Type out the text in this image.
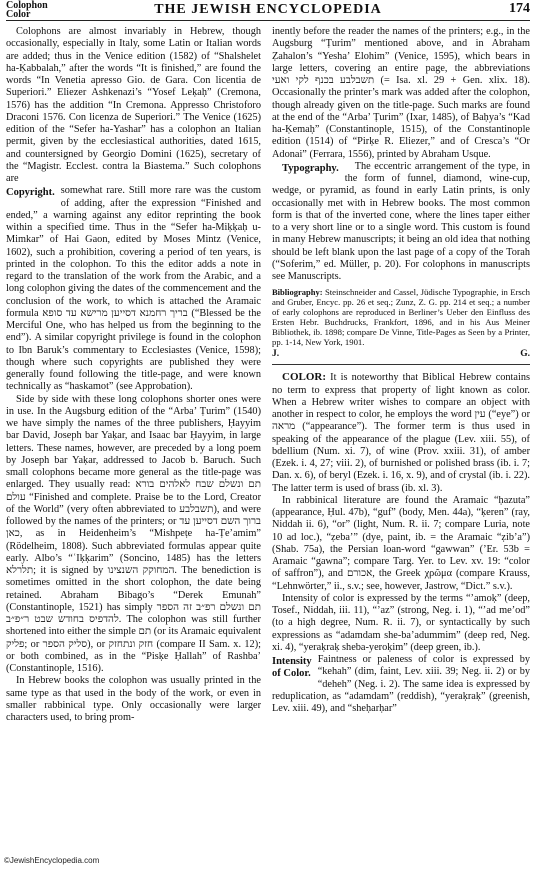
Colophon
Color	THE JEWISH ENCYCLOPEDIA	174

Colophons are almost invariably in Hebrew, though occasionally, especially in Italy, some Latin or Italian words are added; thus in the Venice edition (1582) of “Shalshelet ha-Ḳabbalah,” after the words “It is finished,” are found the words “In Venetia apresso Gio. de Gara. Con licentia de Superiori.” Eliezer Ashkenazi’s “Yosef Leḳaḥ” (Cremona, 1576) has the addition “In Cremona. Appresso Christoforo Draconi 1576. Con licenza de Superiori.” The Venice (1625) edition of the “Sefer ha-Yashar” has a colophon an Italian permit, given by the ecclesiastical authorities, dated 1615, and countersigned by Georgio Domini (1625), secretary of the “Magistr. Ecclest. contra la Biastema.” Such colophons are

Copyright. somewhat rare. Still more rare was the custom of adding, after the expression “Finished and ended,” a warning against any editor reprinting the book within a specified time. Thus in the “Sefer ha-Miḳḳaḥ u-Mimkar” of Hai Gaon, edited by Moses Mintz (Venice, 1602), such a prohibition, covering a period of ten years, is printed in the colophon. To this the editor adds a note in regard to the translation of the work from the Arabic, and a long colophon giving the dates of the commencement and the conclusion of the work, to which is attached the Aramaic formula בריך רחמנא דסייען מרישא עד סופא (“Blessed be the Merciful One, who has helped us from the beginning to the end”). A similar copyright privilege is found in the colophon to Ibn Baruk’s commentary to Ecclesiastes (Venice, 1598); though where such copyrights are published they were generally found following the title-page, and were known technically as “haskamot” (see Approbation).

Side by side with these long colophons shorter ones were in use. In the Augsburg edition of the “Arba’ Ṭurim” (1540) we have simply the names of the three publishers, Ḥayyim bar David, Joseph bar Yaḳar, and Isaac bar Ḥayyim, in large letters. These names, however, are preceded by a long poem by Joseph bar Yaḳar, addressed to Jacob b. Baruch. Such small colophons became more general as the title-page was enlarged. They usually read: תם ונשלם שבח לאלהים בורא עולם “Finished and complete. Praise be to the Lord, Creator of the World” (very often abbreviated to תשבלבע), and were followed by the names of the printers; or ברוך השם דסייען עד כאן, as in Heidenheim’s “Mishpeṭe ha-Ṭe’amim” (Rödelheim, 1808). Such abbreviated formulas appear quite early. Albo’s “ʿIḳḳarim” (Soncino, 1485) has the letters תלרלא; it is signed by המחוקק השנצינו. The benediction is sometimes omitted in the short colophon, the date being retained. Abraham Bibago’s “Derek Emunah” (Constantinople, 1521) has simply תם ונשלם רפ״ב זה הספר להדפיס בחודש שבט ר״פ״ב. The colophon was still further shortened into either the simple תם (or its Aramaic equivalent פליק; or סליק הספר), or חזק ונתחזק (compare II Sam. x. 12); or both combined, as in the “Pisḳe Ḥallah” of Rashba’ (Constantinople, 1516).

In Hebrew books the colophon was usually printed in the same type as that used in the body of the work, or even in smaller rabbinical type. Only occasionally were larger characters used, to bring prom-

inently before the reader the names of the printers; e.g., in the Augsburg “Ṭurim” mentioned above, and in Abraham Ẓahalon’s “Yesha’ Elohim” (Venice, 1595), which bears in large letters, covering an entire page, the abbreviations תשבלבע בכנף לקי ואעי (= Isa. xl. 29 + Gen. xlix. 18). Occasionally the printer’s mark was added after the colophon, though already given on the title-page. Such marks are found at the end of the “Arba’ Ṭurim” (Ixar, 1485), of Baḥya’s “Kad ha-Ḳemaḥ” (Constantinople, 1515), of the Constantinople edition (1514) of “Pirḳe R. Eliezer,” and of Cresca’s “Or Adonai” (Ferrara, 1556), printed by Abraham Usque.

Typography. The eccentric arrangement of the type, in the form of funnel, diamond, wine-cup, wedge, or pyramid, as found in early Latin prints, is only occasionally met with in Hebrew books. The most common form is that of the inverted cone, where the lines taper either to a very short line or to a single word. This custom is found in many Hebrew manuscripts; it being an old idea that nothing should be left blank upon the last page of a copy of the Torah (“Soferim,” ed. Müller, p. 20). For colophons in manuscripts see Manuscripts.

Bibliography: Steinschneider and Cassel, Jüdische Typographie, in Ersch and Gruber, Encyc. pp. 26 et seq.; Zunz, Z. G. pp. 214 et seq.; a number of early colophons are reproduced in Berliner’s Ueber den Einfluss des Ersten Hebr. Buchdrucks, Frankfort, 1896, and in his Aus Meiner Bibliothek, ib. 1898; compare De Vinne, Title-Pages as Seen by a Printer, pp. 1-14, New York, 1901.

J.	G.

COLOR: It is noteworthy that Biblical Hebrew contains no term to express that property of light known as color. When a Hebrew writer wishes to compare an object with another in respect to color, he employs the word עין (“eye”) or מראה (“appearance”). The former term is thus used in speaking of the appearance of the plague (Lev. xiii. 55), of bdellium (Num. xi. 7), of wine (Prov. xxiii. 31), of amber (Ezek. i. 4, 27; viii. 2), of burnished or polished brass (ib. i. 7; Dan. x. 6), of beryl (Ezek. i. 16, x. 9), and of crystal (ib. i. 22). The latter term is used of brass (ib. xl. 3).

In rabbinical literature are found the Aramaic “ḥazuta” (appearance, Ḥul. 47b), “guf” (body, Men. 44a), “ḳeren” (ray, Niddah ii. 6), “or” (light, Num. R. ii. 7; compare Luria, note 10 ad loc.), “ẓeba’” (dye, paint, ib. = the Aramaic “ẓib’a”) (Shab. 75a), the Persian loan-word “gawwan” (’Er. 53b = Aramaic “gawna”; compare Targ. Yer. to Lev. xv. 19: “color of saffron”), and אכורם, the Greek χρῶμα (compare Krauss, “Lehnwörter,” ii., s.v.; see, however, Jastrow, “Dict.” s.v.).

Intensity of color is expressed by the terms “’amoḳ” (deep, Tosef., Niddah, iii. 11), “’az” (strong, Neg. i. 1), “’ad me’od” (to a high degree, Num. R. ii. 7), or syntactically by such expressions as “adamdam she-ba’adummim” (deep red, Neg. xi. 4), “yeraḳraḳ sheba-yeroḳim” (deep green, ib.).

Intensity
of Color.
Faintness or paleness of color is expressed by “kehah” (dim, faint, Lev. xiii. 39; Neg. ii. 2) or by “deheh” (Neg. i. 2). The same idea is expressed by reduplication, as “adamdam” (reddish), “yeraḳraḳ” (greenish, Lev. xiii. 49), and “sheḥarḥar”

©JewishEncyclopedia.com
